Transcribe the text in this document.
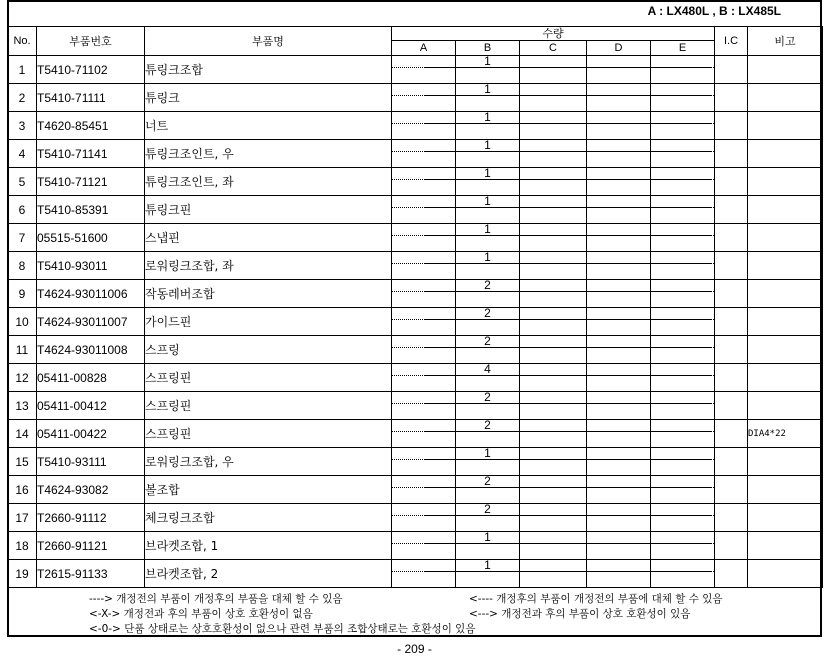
A : LX480L , B : LX485L
No.	부품번호	부품명	수량					I.C	비고
			A	B	C	D	E		
1	T5410-71102	튜링크조합		1					

2	T5410-71111	튜링크		1					

3	T4620-85451	너트		1					

4	T5410-71141	튜링크조인트, 우		1					

5	T5410-71121	튜링크조인트, 좌		1					

6	T5410-85391	튜링크핀		1					

7	05515-51600	스냅핀		1					

8	T5410-93011	로워링크조합, 좌		1					

9	T4624-93011006	작동레버조합		2					

10	T4624-93011007	가이드핀		2					

11	T4624-93011008	스프링		2					

12	05411-00828	스프링핀		4					

13	05411-00412	스프링핀		2					

14	05411-00422	스프링핀		2					DIA4*22
15	T5410-93111	로워링크조합, 우		1					

16	T4624-93082	볼조합		2					

17	T2660-91112	체크링크조합		2					

18	T2660-91121	브라켓조합, 1		1					

19	T2615-91133	브라켓조합, 2		1					

----> 개정전의 부품이 개정후의 부품을 대체 할 수 있음	<---- 개정후의 부품이 개정전의 부품에 대체 할 수 있음
<-X-> 개정전과 후의 부품이 상호 호환성이 없음	<---> 개정전과 후의 부품이 상호 호환성이 있음
<-0-> 단품 상태로는 상호호환성이 없으나 관련 부품의 조합상태로는 호환성이 있음
- 209 -
